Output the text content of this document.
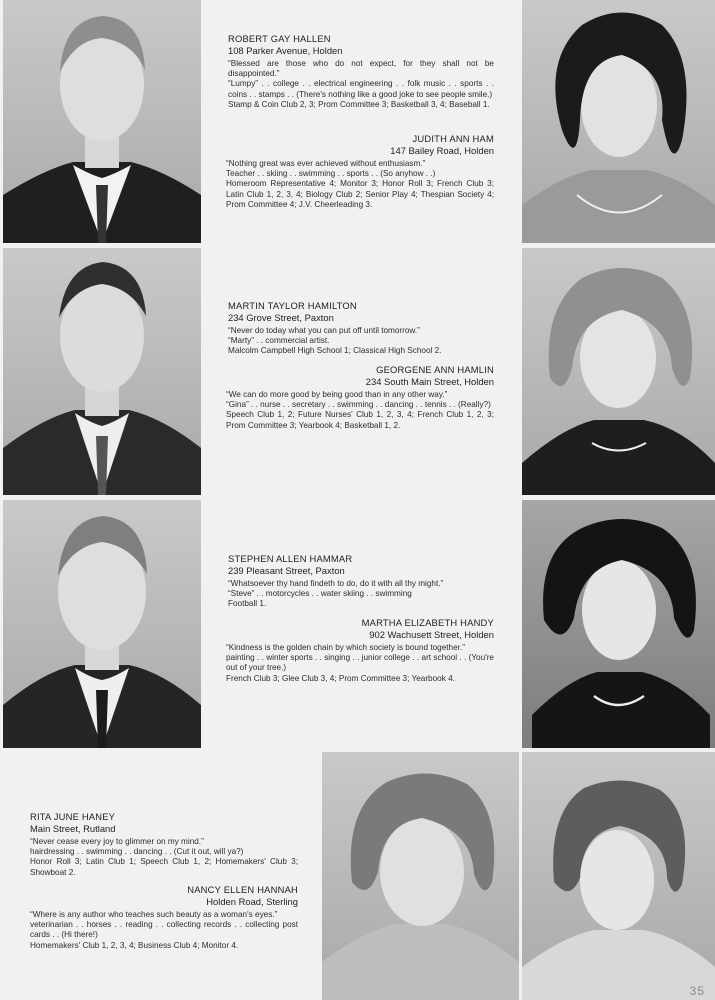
ROBERT GAY HALLEN
108 Parker Avenue, Holden
“Blessed are those who do not expect, for they shall not be disappointed.”
“Lumpy” . . college . . electrical engineering . . folk music . . sports . . coins . . stamps . . (There's nothing like a good joke to see people smile.)
Stamp & Coin Club 2, 3; Prom Committee 3; Basketball 3, 4; Baseball 1.
JUDITH ANN HAM
147 Bailey Road, Holden
“Nothing great was ever achieved without enthusiasm.”
Teacher . . skiing . . swimming . . sports . . (So anyhow . .)
Homeroom Representative 4; Monitor 3; Honor Roll 3; French Club 3; Latin Club 1, 2, 3, 4; Biology Club 2; Senior Play 4; Thespian Society 4; Prom Committee 4; J.V. Cheerleading 3.
MARTIN TAYLOR HAMILTON
234 Grove Street, Paxton
“Never do today what you can put off until tomorrow.”
“Marty” . . commercial artist.
Malcolm Campbell High School 1; Classical High School 2.
GEORGENE ANN HAMLIN
234 South Main Street, Holden
“We can do more good by being good than in any other way.”
“Gina” . . nurse . . secretary . . swimming . . dancing . . tennis . . (Really?)
Speech Club 1, 2; Future Nurses' Club 1, 2, 3, 4; French Club 1, 2, 3; Prom Committee 3; Yearbook 4; Basketball 1, 2.
STEPHEN ALLEN HAMMAR
239 Pleasant Street, Paxton
“Whatsoever thy hand findeth to do, do it with all thy might.”
“Steve” . . motorcycles . . water skiing . . swimming
Football 1.
MARTHA ELIZABETH HANDY
902 Wachusett Street, Holden
“Kindness is the golden chain by which society is bound together.”
painting . . winter sports . . singing . . junior college . . art school . . (You're out of your tree.)
French Club 3; Glee Club 3, 4; Prom Committee 3; Yearbook 4.
RITA JUNE HANEY
Main Street, Rutland
“Never cease every joy to glimmer on my mind.”
hairdressing . . swimming . . dancing . . (Cut it out, will ya?)
Honor Roll 3; Latin Club 1; Speech Club 1, 2; Homemakers' Club 3; Showboat 2.
NANCY ELLEN HANNAH
Holden Road, Sterling
“Where is any author who teaches such beauty as a woman's eyes.”
veterinarian . . horses . . reading . . collecting records . . collecting post cards . . (Hi there!)
Homemakers' Club 1, 2, 3, 4; Business Club 4; Monitor 4.
35
